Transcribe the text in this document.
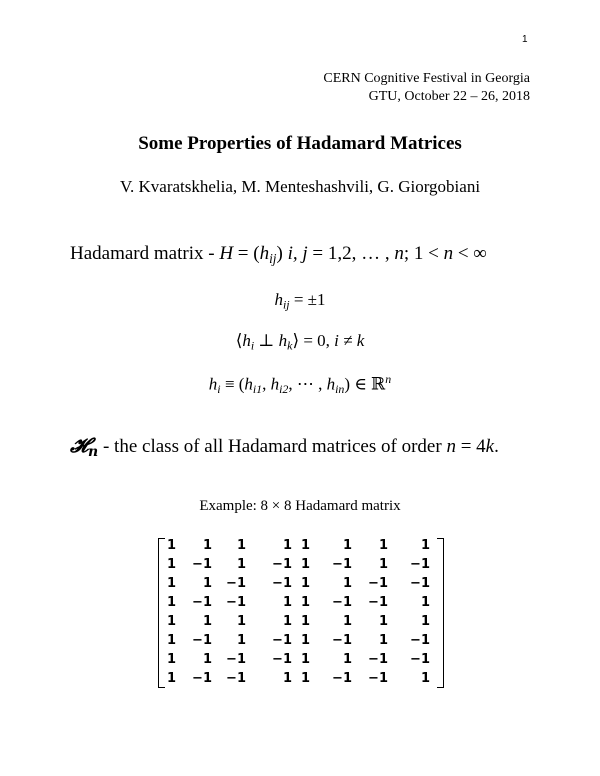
1
CERN Cognitive Festival in Georgia
GTU, October 22 – 26, 2018
Some Properties of Hadamard Matrices
V. Kvaratskhelia, M. Menteshashvili, G. Giorgobiani
Hadamard matrix - $H = (h_{ij})$ i, j = 1,2, … , n; 1 < n < ∞
$h_{ij} = \pm 1$
$⟨h_i$ ⊥ $h_k⟩ = 0$, i ≠ k
$h_i \equiv (h_{i1}$, $h_{i2}$, ⋯ , $h_{in}$) ∈ ℝ$^n$
𝓗$_n$ - the class of all Hadamard matrices of order n = 4k.
Example: 8 × 8 Hadamard matrix
1	1	1	1	1	1	1	1
1	−1	1	−1	1	−1	1	−1
1	1	−1	−1	1	1	−1	−1
1	−1	−1	1	1	−1	−1	1
1	1	1	1	1	1	1	1
1	−1	1	−1	1	−1	1	−1
1	1	−1	−1	1	1	−1	−1
1	−1	−1	1	1	−1	−1	1
